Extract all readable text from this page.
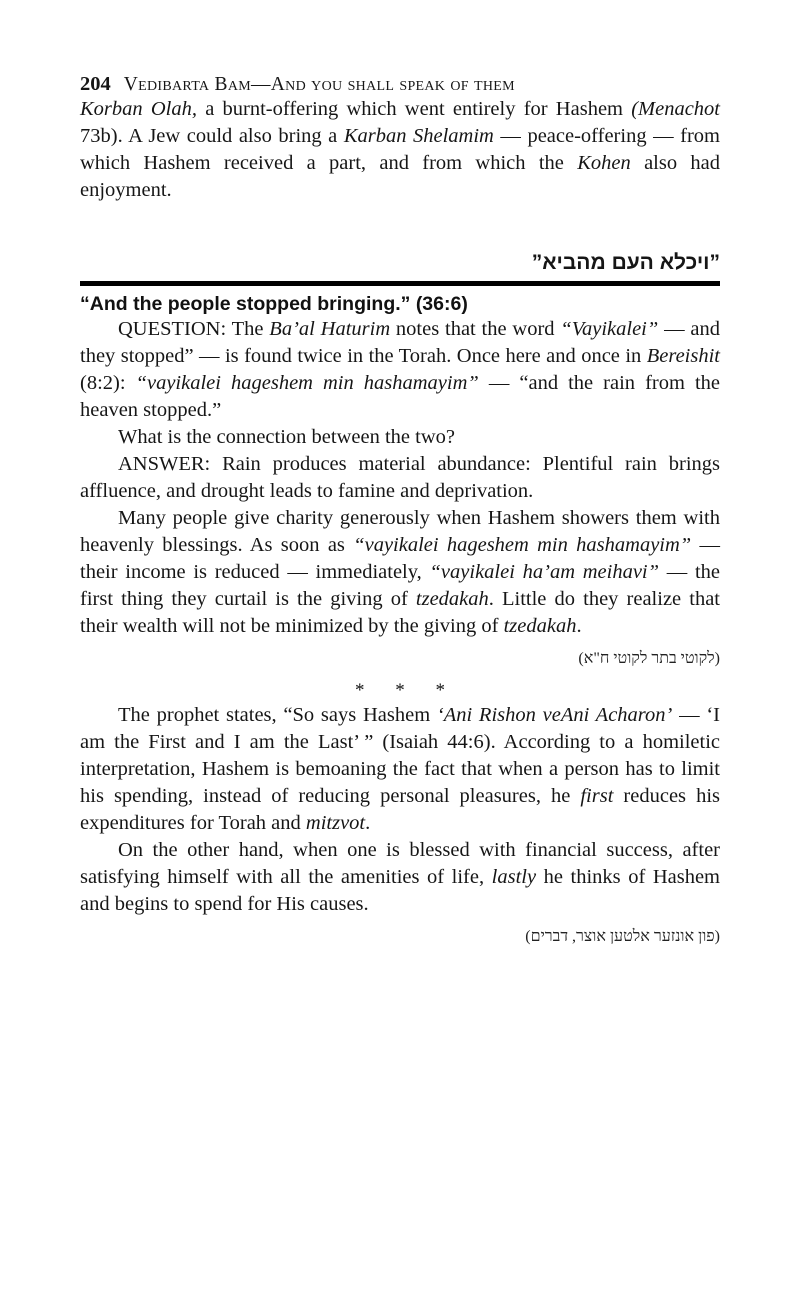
204 Vedibarta Bam—And you shall speak of them

Korban Olah, a burnt-offering which went entirely for Hashem (Menachot 73b). A Jew could also bring a Karban Shelamim — peace-offering — from which Hashem received a part, and from which the Kohen also had enjoyment.

”ויכלא העם מהביא”
“And the people stopped bringing.” (36:6)

QUESTION: The Ba’al Haturim notes that the word “Vayikalei” — and they stopped” — is found twice in the Torah. Once here and once in Bereishit (8:2): “vayikalei hageshem min hashamayim” — “and the rain from the heaven stopped.”

What is the connection between the two?

ANSWER: Rain produces material abundance: Plentiful rain brings affluence, and drought leads to famine and deprivation.

Many people give charity generously when Hashem showers them with heavenly blessings. As soon as “vayikalei hageshem min hashamayim” — their income is reduced — immediately, “vayikalei ha’am meihavi” — the first thing they curtail is the giving of tzedakah. Little do they realize that their wealth will not be minimized by the giving of tzedakah.

(לקוטי בתר לקוטי ח"א)
* * *

The prophet states, “So says Hashem ‘Ani Rishon veAni Acharon’ — ‘I am the First and I am the Last’ ” (Isaiah 44:6). According to a homiletic interpretation, Hashem is bemoaning the fact that when a person has to limit his spending, instead of reducing personal pleasures, he first reduces his expenditures for Torah and mitzvot.

On the other hand, when one is blessed with financial success, after satisfying himself with all the amenities of life, lastly he thinks of Hashem and begins to spend for His causes.

(פון אונזער אלטען אוצר, דברים)
